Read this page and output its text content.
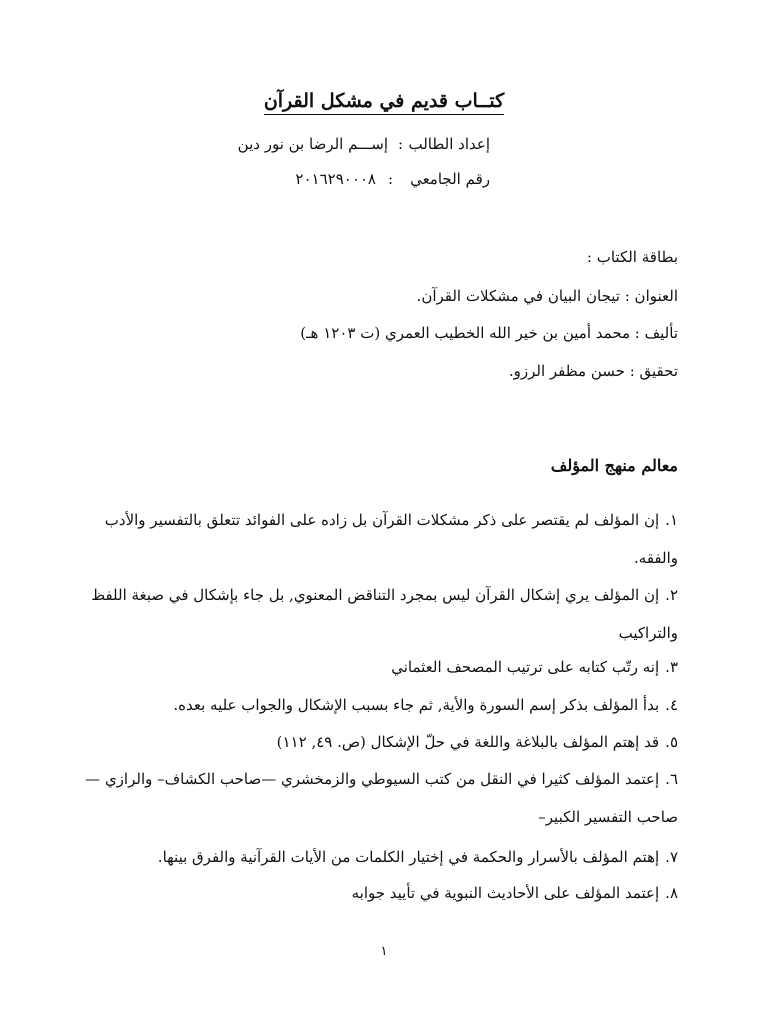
كتــاب قديم في مشكل القرآن
إعداد الطالب
:
إســـم الرضا بن نور دين
رقم الجامعي
:
٢٠١٦٢٩٠٠٠٨
بطاقة الكتاب :
العنوان : تيجان البيان في مشكلات القرآن.
تأليف : محمد أمين بن خير الله الخطيب العمري (ت ١٢٠٣ هـ)
تحقيق : حسن مظفر الرزو.
معالم منهج المؤلف
١.إن المؤلف لم يقتصر على ذكر مشكلات القرآن بل زاده على الفوائد تتعلق بالتفسير والأدب والفقه.
٢.إن المؤلف يري إشكال القرآن ليس بمجرد التناقض المعنوي, بل جاء بإشكال في صبغة اللفظ والتراكيب
٣.إنه رتّب كتابه على ترتيب المصحف العثماني
٤.بدأ المؤلف بذكر إسم السورة والأية, ثم جاء بسبب الإشكال والجواب عليه بعده.
٥.قد إهتم المؤلف بالبلاغة واللغة في حلّ الإشكال (ص. ٤٩, ١١٢)
٦.إعتمد المؤلف كثيرا في النقل من كتب السيوطي والزمخشري —صاحب الكشاف– والرازي — صاحب التفسير الكبير–
٧.إهتم المؤلف بالأسرار والحكمة في إختيار الكلمات من الأيات القرآنية والفرق بينها.
٨.إعتمد المؤلف على الأحاديث النبوية في تأييد جوابه
١
